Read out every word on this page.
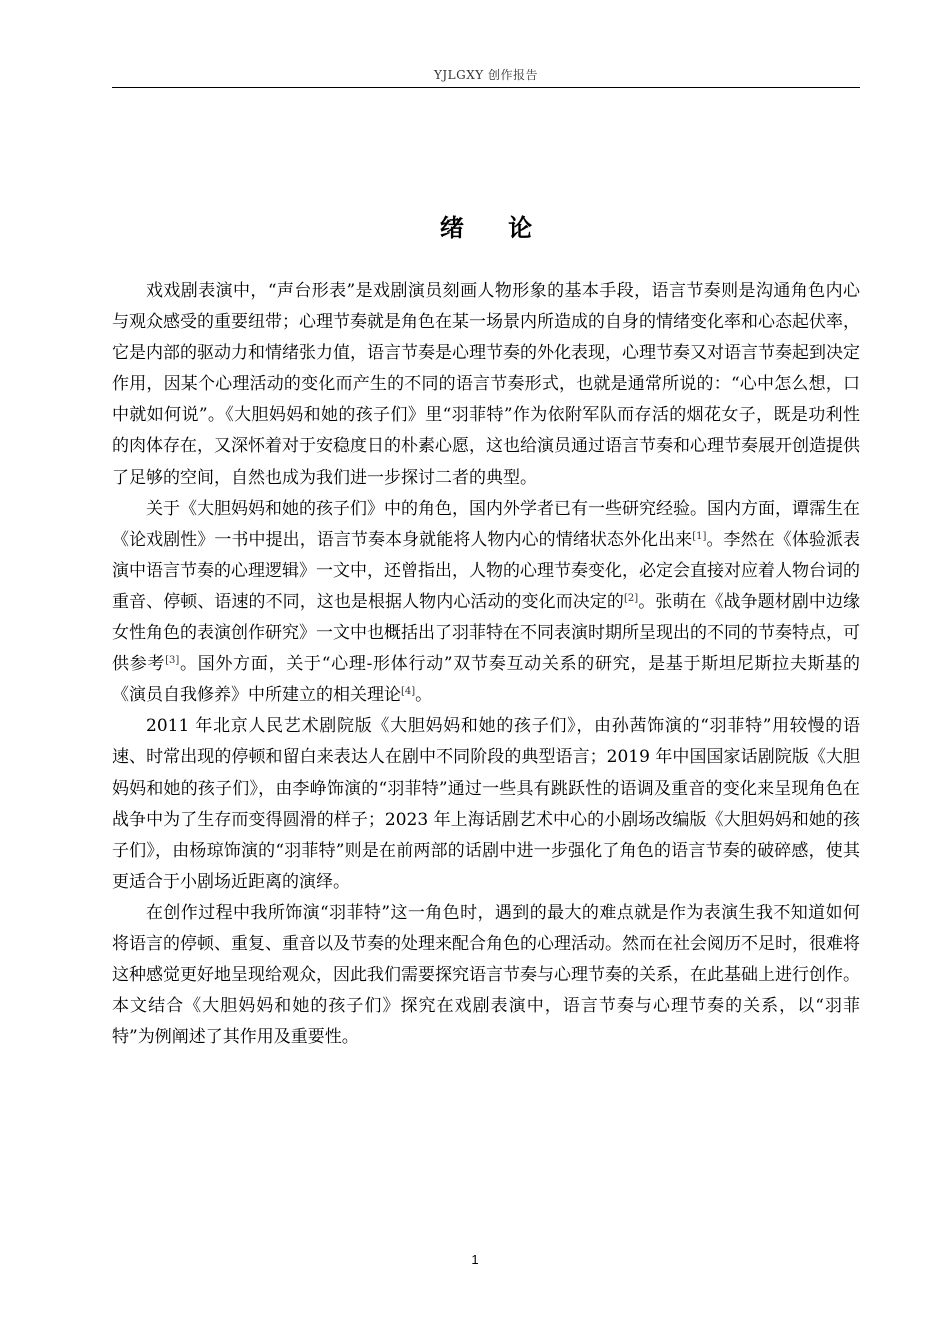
YJLGXY 创作报告
绪 论

戏戏剧表演中，“声台形表”是戏剧演员刻画人物形象的基本手段，语言节奏则是沟通角色内心与观众感受的重要纽带；心理节奏就是角色在某一场景内所造成的自身的情绪变化率和心态起伏率，它是内部的驱动力和情绪张力值，语言节奏是心理节奏的外化表现，心理节奏又对语言节奏起到决定作用，因某个心理活动的变化而产生的不同的语言节奏形式，也就是通常所说的：“心中怎么想，口中就如何说”。《大胆妈妈和她的孩子们》里“羽菲特”作为依附军队而存活的烟花女子，既是功利性的肉体存在，又深怀着对于安稳度日的朴素心愿，这也给演员通过语言节奏和心理节奏展开创造提供了足够的空间，自然也成为我们进一步探讨二者的典型。

关于《大胆妈妈和她的孩子们》中的角色，国内外学者已有一些研究经验。国内方面，谭霈生在《论戏剧性》一书中提出，语言节奏本身就能将人物内心的情绪状态外化出来[1]。李然在《体验派表演中语言节奏的心理逻辑》一文中，还曾指出，人物的心理节奏变化，必定会直接对应着人物台词的重音、停顿、语速的不同，这也是根据人物内心活动的变化而决定的[2]。张萌在《战争题材剧中边缘女性角色的表演创作研究》一文中也概括出了羽菲特在不同表演时期所呈现出的不同的节奏特点，可供参考[3]。国外方面，关于“心理-形体行动”双节奏互动关系的研究，是基于斯坦尼斯拉夫斯基的《演员自我修养》中所建立的相关理论[4]。

2011 年北京人民艺术剧院版《大胆妈妈和她的孩子们》，由孙茜饰演的“羽菲特”用较慢的语速、时常出现的停顿和留白来表达人在剧中不同阶段的典型语言；2019 年中国国家话剧院版《大胆妈妈和她的孩子们》，由李峥饰演的“羽菲特”通过一些具有跳跃性的语调及重音的变化来呈现角色在战争中为了生存而变得圆滑的样子；2023 年上海话剧艺术中心的小剧场改编版《大胆妈妈和她的孩子们》，由杨琼饰演的“羽菲特”则是在前两部的话剧中进一步强化了角色的语言节奏的破碎感，使其更适合于小剧场近距离的演绎。

在创作过程中我所饰演“羽菲特”这一角色时，遇到的最大的难点就是作为表演生我不知道如何将语言的停顿、重复、重音以及节奏的处理来配合角色的心理活动。然而在社会阅历不足时，很难将这种感觉更好地呈现给观众，因此我们需要探究语言节奏与心理节奏的关系，在此基础上进行创作。本文结合《大胆妈妈和她的孩子们》探究在戏剧表演中，语言节奏与心理节奏的关系，以“羽菲特”为例阐述了其作用及重要性。

1
